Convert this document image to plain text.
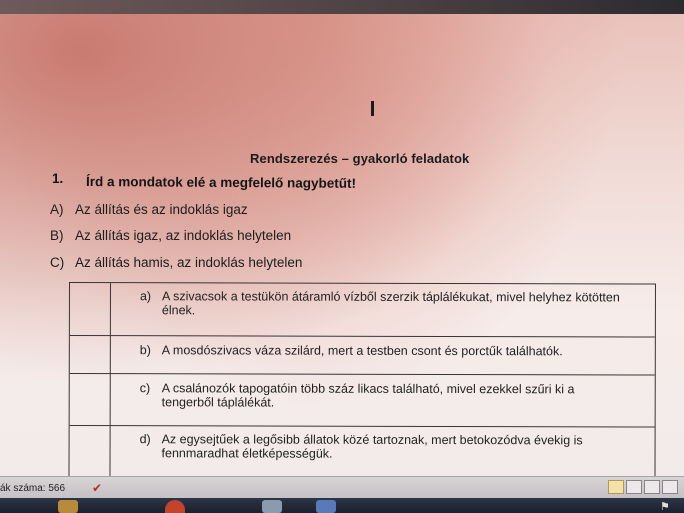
Rendszerezés – gyakorló feladatok
1. Írd a mondatok elé a megfelelő nagybetűt!
A) Az állítás és az indoklás igaz
B) Az állítás igaz, az indoklás helytelen
C) Az állítás hamis, az indoklás helytelen
a) A szivacsok a testükön átáramló vízből szerzik táplálékukat, mivel helyhez kötötten élnek.
b) A mosdószivacs váza szilárd, mert a testben csont és porctűk találhatók.
c) A csalánozók tapogatóin több száz likacs található, mivel ezekkel szűri ki a tengerből táplálékát.
d) Az egysejtűek a legősibb állatok közé tartoznak, mert betokozódva évekig is fennmaradhat életképességük.
ák száma: 566	✔
⚑
